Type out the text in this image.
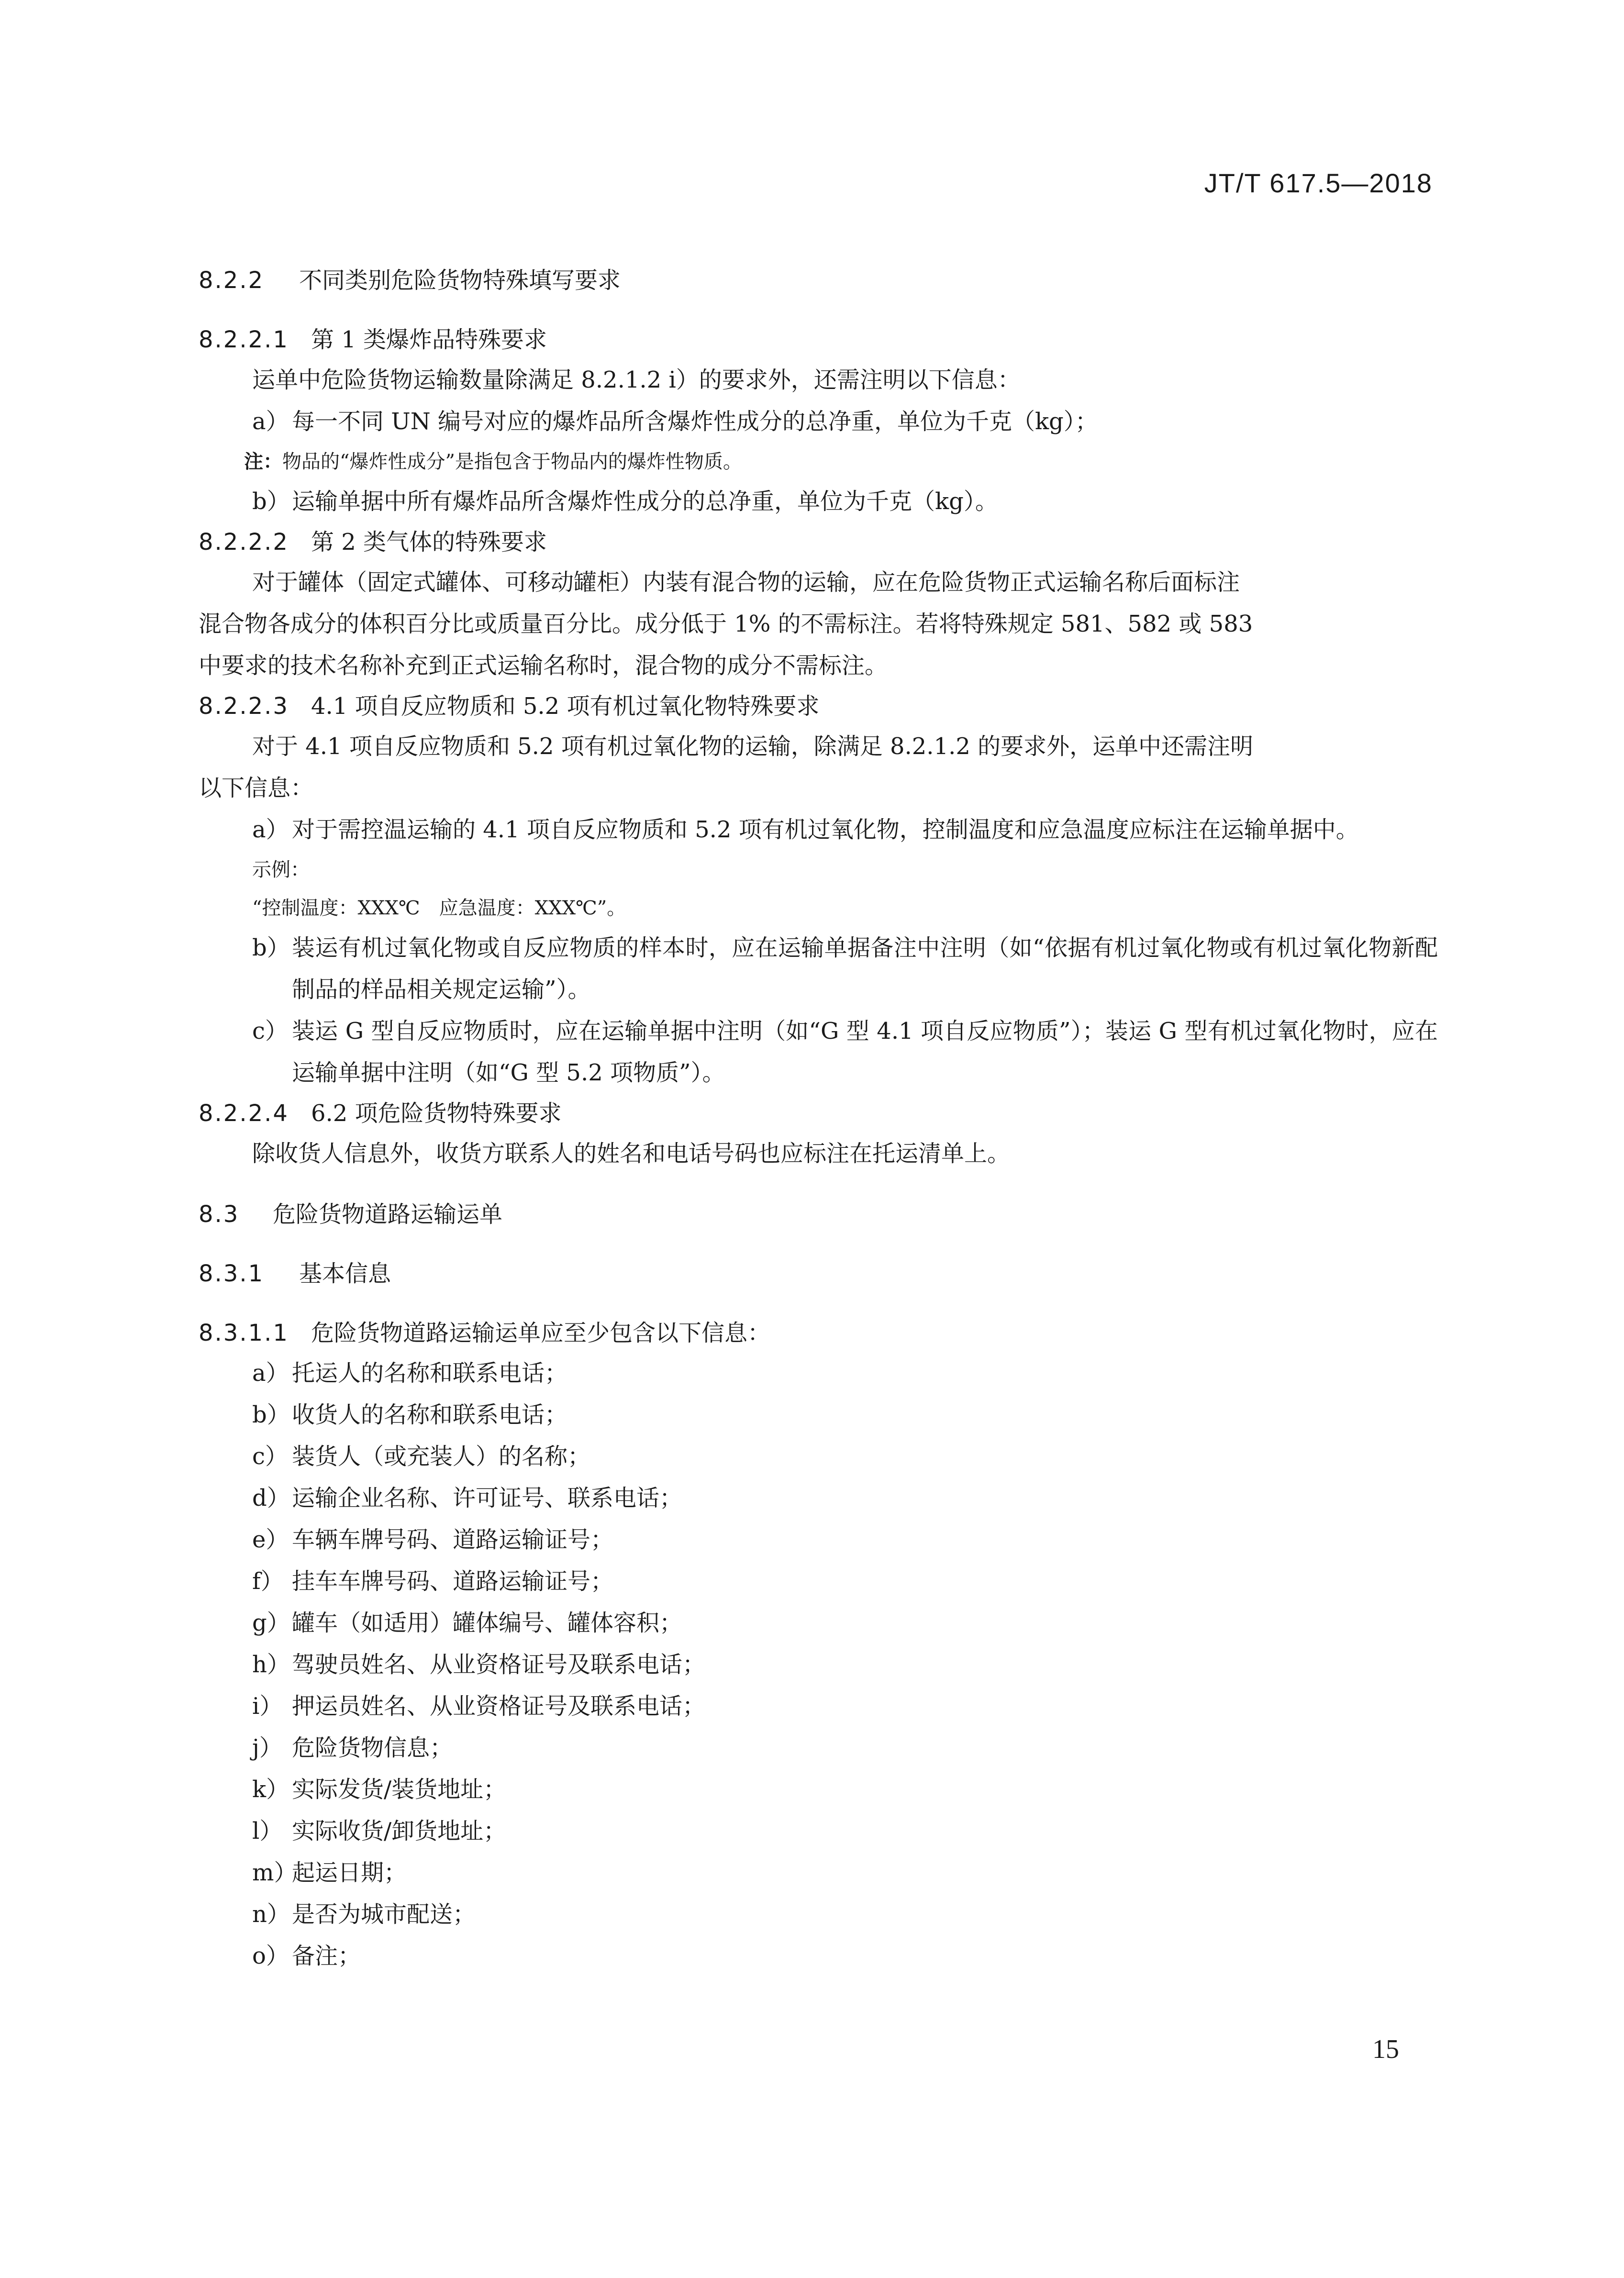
JT/T 617.5—2018
8.2.2 不同类别危险货物特殊填写要求
8.2.2.1 第 1 类爆炸品特殊要求
运单中危险货物运输数量除满足 8.2.1.2 i）的要求外，还需注明以下信息：
a） 每一不同 UN 编号对应的爆炸品所含爆炸性成分的总净重，单位为千克（kg）；
注：物品的“爆炸性成分”是指包含于物品内的爆炸性物质。
b） 运输单据中所有爆炸品所含爆炸性成分的总净重，单位为千克（kg）。
8.2.2.2 第 2 类气体的特殊要求
对于罐体（固定式罐体、可移动罐柜）内装有混合物的运输，应在危险货物正式运输名称后面标注
混合物各成分的体积百分比或质量百分比。成分低于 1% 的不需标注。若将特殊规定 581、582 或 583
中要求的技术名称补充到正式运输名称时，混合物的成分不需标注。
8.2.2.3 4.1 项自反应物质和 5.2 项有机过氧化物特殊要求
对于 4.1 项自反应物质和 5.2 项有机过氧化物的运输，除满足 8.2.1.2 的要求外，运单中还需注明
以下信息：
a） 对于需控温运输的 4.1 项自反应物质和 5.2 项有机过氧化物，控制温度和应急温度应标注在运输单据中。
示例：
“控制温度：XXX℃　应急温度：XXX℃”。
b） 装运有机过氧化物或自反应物质的样本时，应在运输单据备注中注明（如“依据有机过氧化物或有机过氧化物新配制品的样品相关规定运输”）。
c） 装运 G 型自反应物质时，应在运输单据中注明（如“G 型 4.1 项自反应物质”）；装运 G 型有机过氧化物时，应在运输单据中注明（如“G 型 5.2 项物质”）。
8.2.2.4 6.2 项危险货物特殊要求
除收货人信息外，收货方联系人的姓名和电话号码也应标注在托运清单上。
8.3 危险货物道路运输运单
8.3.1 基本信息
8.3.1.1 危险货物道路运输运单应至少包含以下信息：
a） 托运人的名称和联系电话；
b） 收货人的名称和联系电话；
c） 装货人（或充装人）的名称；
d） 运输企业名称、许可证号、联系电话；
e） 车辆车牌号码、道路运输证号；
f） 挂车车牌号码、道路运输证号；
g） 罐车（如适用）罐体编号、罐体容积；
h） 驾驶员姓名、从业资格证号及联系电话；
i） 押运员姓名、从业资格证号及联系电话；
j） 危险货物信息；
k） 实际发货/装货地址；
l） 实际收货/卸货地址；
m）
起运日期；
n） 是否为城市配送；
o） 备注；
15
